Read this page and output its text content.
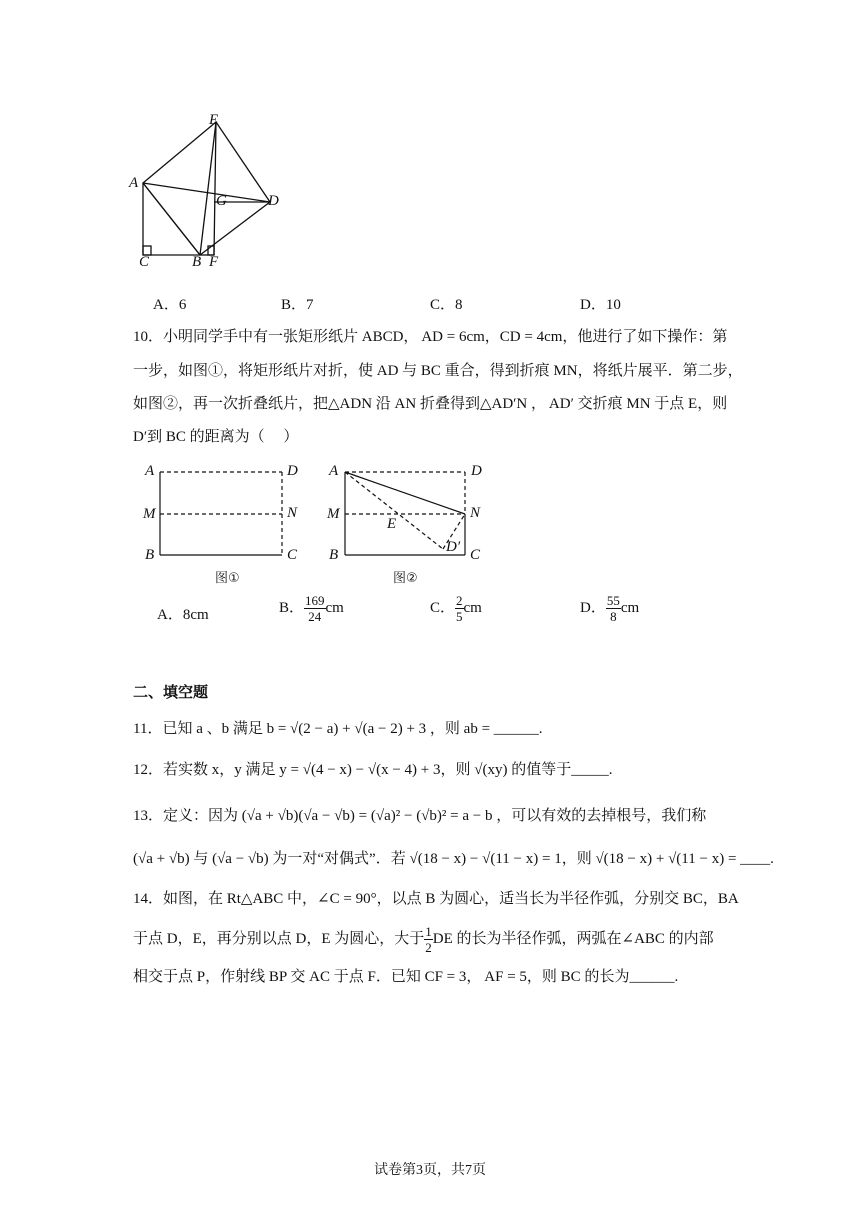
E
A
G	D
C	B F
A．6	B．7	C．8	D．10
10．小明同学手中有一张矩形纸片 ABCD， AD = 6cm，CD = 4cm，他进行了如下操作：第
一步，如图①，将矩形纸片对折，使 AD 与 BC 重合，得到折痕 MN，将纸片展平．第二步，
如图②，再一次折叠纸片，把△ADN 沿 AN 折叠得到△AD′N ， AD′ 交折痕 MN 于点 E，则
D′到 BC 的距离为（　 ）
A	D
M	N
B	C
图①
A	D
M	N
E
D′
B	C
图②
A．8cm	B． $\frac{169}{24}$ cm	C． $\frac{2}{5}$ cm	D． $\frac{55}{8}$ cm
二、填空题
11．已知 a 、b 满足 b = √(2 − a) + √(a − 2) + 3 ，则 ab = ______.
12．若实数 x，y 满足 y = √(4 − x) − √(x − 4) + 3，则 √(xy) 的值等于_____.
13．定义：因为 (√a + √b)(√a − √b) = (√a)² − (√b)² = a − b ，可以有效的去掉根号，我们称
(√a + √b) 与 (√a − √b) 为一对“对偶式”．若 √(18 − x) − √(11 − x) = 1，则 √(18 − x) + √(11 − x) = ____.
14．如图，在 Rt△ABC 中，∠C = 90°，以点 B 为圆心，适当长为半径作弧，分别交 BC，BA
于点 D，E，再分别以点 D，E 为圆心，大于 $\frac{1}{2}$ DE 的长为半径作弧，两弧在∠ABC 的内部
相交于点 P，作射线 BP 交 AC 于点 F．已知 CF = 3， AF = 5，则 BC 的长为______.
试卷第3页，共7页
